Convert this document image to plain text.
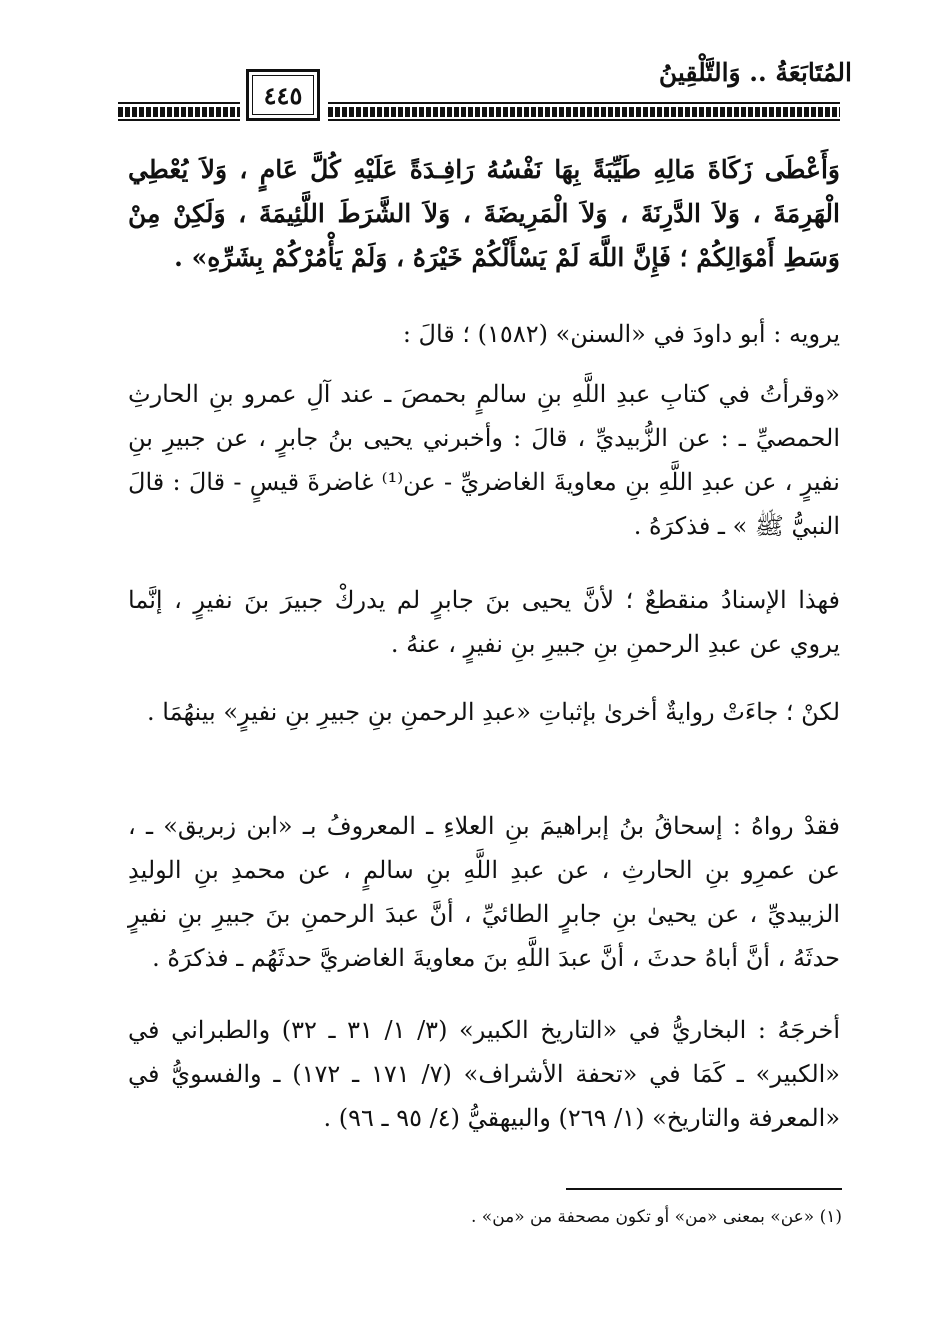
المُتَابَعَةُ .. وَالتَّلْقِينُ
٤٤٥
وَأَعْطَى زَكَاةَ مَالِهِ طَيِّبَةً بِهَا نَفْسُهُ رَافِـدَةً عَلَيْهِ كُلَّ عَامٍ ، وَلاَ يُعْطِي الْهَرِمَةَ ، وَلاَ الدَّرِنَةَ ، وَلاَ الْمَرِيضَةَ ، وَلاَ الشَّرَطَ اللَّئِيمَةَ ، وَلَكِنْ مِنْ وَسَطِ أَمْوَالِكُمْ ؛ فَإِنَّ اللَّهَ لَمْ يَسْأَلْكُمْ خَيْرَهُ ، وَلَمْ يَأْمُرْكُمْ بِشَرِّهِ» .
يرويه : أبو داودَ في «السنن» (١٥٨٢) ؛ قالَ :
«وقرأتُ في كتابِ عبدِ اللَّهِ بنِ سالمٍ بحمصَ ـ عند آلِ عمرو بنِ الحارثِ الحمصيِّ ـ : عن الزُّبيديِّ ، قالَ : وأخبرني يحيى بنُ جابرٍ ، عن جبيرِ بنِ نفيرٍ ، عن عبدِ اللَّهِ بنِ معاويةَ الغاضريِّ - عن⁽¹⁾ غاضرةَ قيسٍ - قالَ : قالَ النبيُّ ﷺ » ـ فذكرَهُ .
فهذا الإسنادُ منقطعٌ ؛ لأنَّ يحيى بنَ جابرٍ لم يدركْ جبيرَ بنَ نفيرٍ ، إنَّما يروي عن عبدِ الرحمنِ بنِ جبيرِ بنِ نفيرٍ ، عنهُ .
لكنْ ؛ جاءَتْ روايةٌ أخرىٰ بإثباتِ «عبدِ الرحمنِ بنِ جبيرِ بنِ نفيرٍ» بينهُمَا .
فقدْ رواهُ : إسحاقُ بنُ إبراهيمَ بنِ العلاءِ ـ المعروفُ بـ «ابن زبريق» ـ ، عن عمرِو بنِ الحارثِ ، عن عبدِ اللَّهِ بنِ سالمٍ ، عن محمدِ بنِ الوليدِ الزبيديِّ ، عن يحيىٰ بنِ جابرٍ الطائيِّ ، أنَّ عبدَ الرحمنِ بنَ جبيرِ بنِ نفيرٍ حدثَهُ ، أنَّ أباهُ حدثَ ، أنَّ عبدَ اللَّهِ بنَ معاويةَ الغاضريَّ حدثَهُم ـ فذكرَهُ .
أخرجَهُ : البخاريُّ في «التاريخ الكبير» (٣/ ١/ ٣١ ـ ٣٢) والطبراني في «الكبير» ـ كَمَا في «تحفة الأشراف» (٧/ ١٧١ ـ ١٧٢) ـ والفسويُّ في «المعرفة والتاريخ» (١/ ٢٦٩) والبيهقيُّ (٤/ ٩٥ ـ ٩٦) .
(١) «عن» بمعنى «من» أو تكون مصحفة من «من» .
